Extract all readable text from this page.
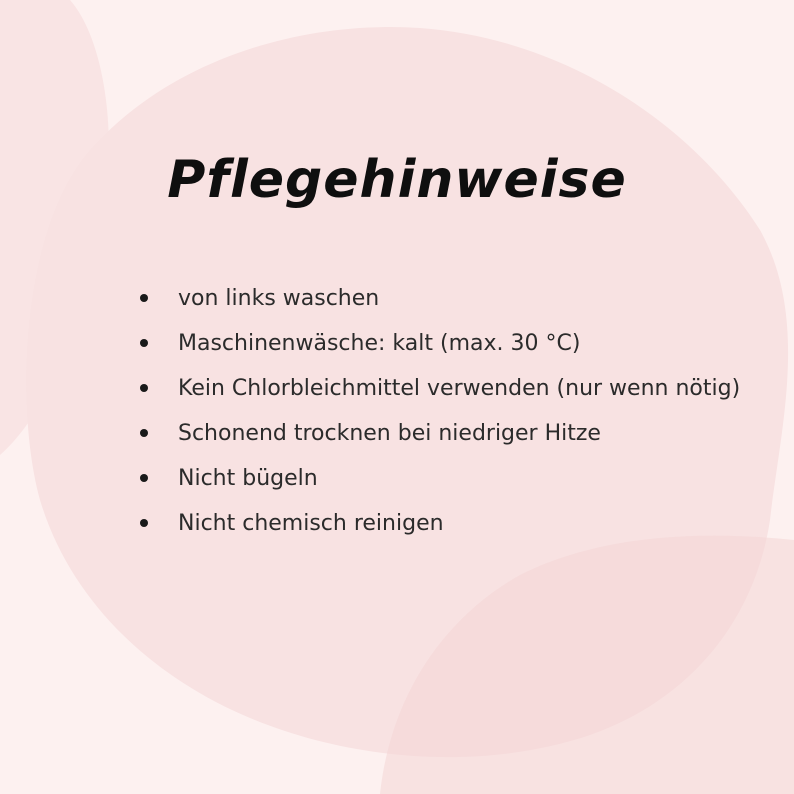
Pflegehinweise
von links waschen
Maschinenwäsche: kalt (max. 30 °C)
Kein Chlorbleichmittel verwenden (nur wenn nötig)
Schonend trocknen bei niedriger Hitze
Nicht bügeln
Nicht chemisch reinigen
